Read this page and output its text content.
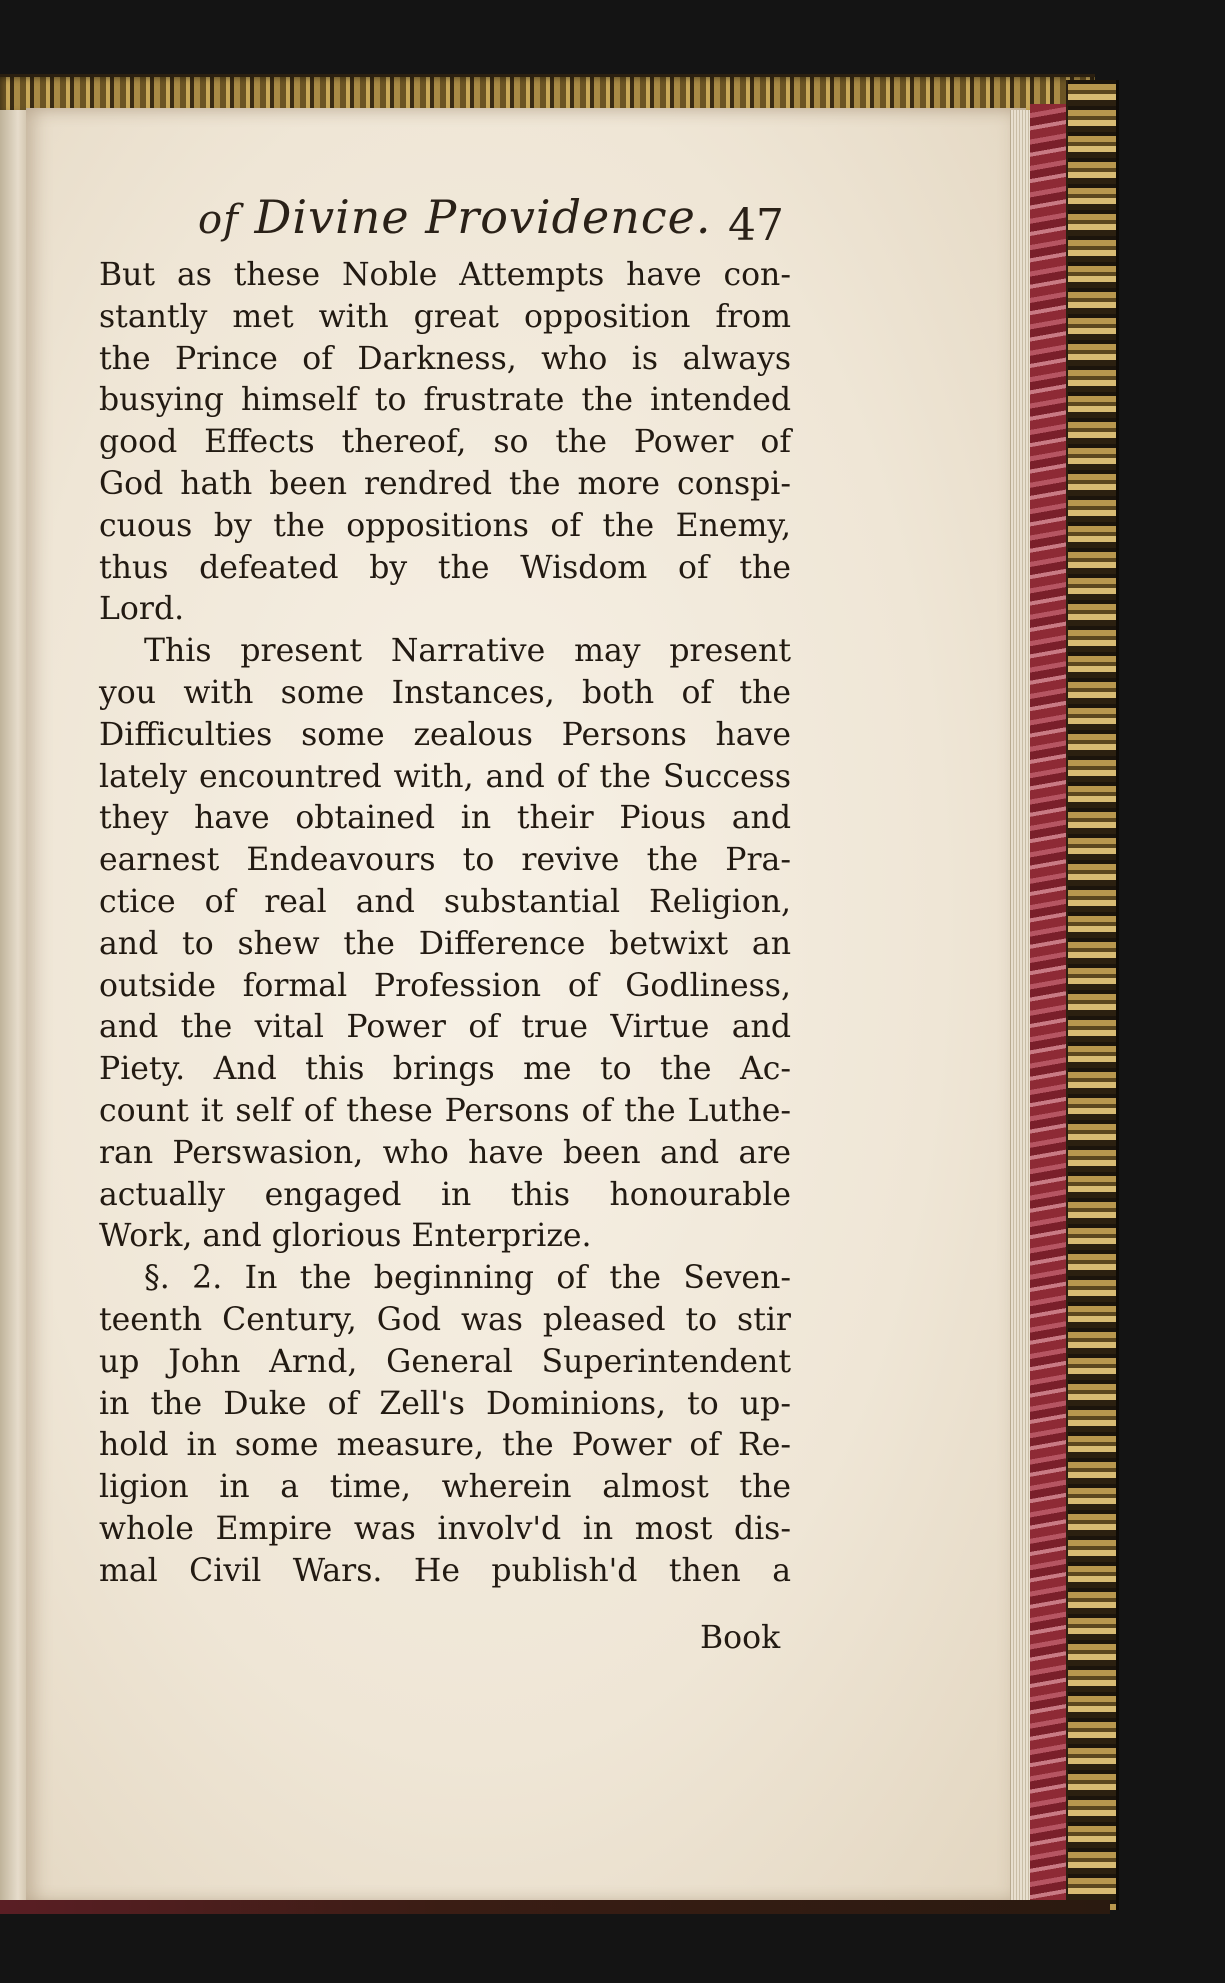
of Divine Providence. 47
But as these Noble Attempts have con-
stantly met with great opposition from
the Prince of Darkness, who is always
busying himself to frustrate the intended
good Effects thereof, so the Power of
God hath been rendred the more conspi-
cuous by the oppositions of the Enemy,
thus defeated by the Wisdom of the
Lord.
This present Narrative may present
you with some Instances, both of the
Difficulties some zealous Persons have
lately encountred with, and of the Success
they have obtained in their Pious and
earnest Endeavours to revive the Pra-
ctice of real and substantial Religion,
and to shew the Difference betwixt an
outside formal Profession of Godliness,
and the vital Power of true Virtue and
Piety. And this brings me to the Ac-
count it self of these Persons of the Luthe-
ran Perswasion, who have been and are
actually engaged in this honourable
Work, and glorious Enterprize.
§. 2. In the beginning of the Seven-
teenth Century, God was pleased to stir
up John Arnd, General Superintendent
in the Duke of Zell's Dominions, to up-
hold in some measure, the Power of Re-
ligion in a time, wherein almost the
whole Empire was involv'd in most dis-
mal Civil Wars. He publish'd then a
Book
